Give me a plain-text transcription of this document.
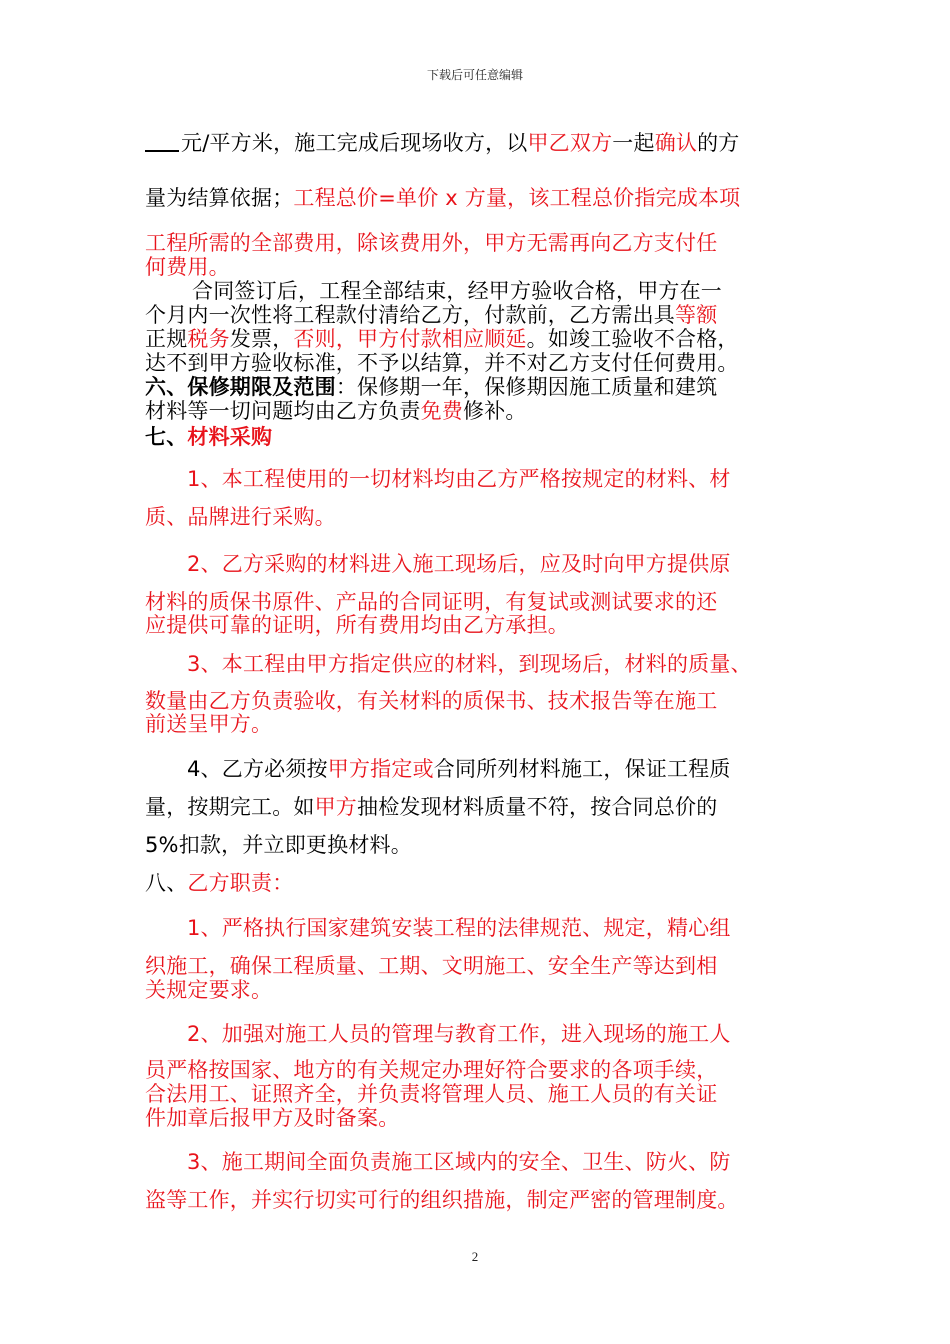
下载后可任意编辑
元/平方米，施工完成后现场收方，以甲乙双方一起确认的方
量为结算依据；工程总价=单价 x 方量，该工程总价指完成本项
工程所需的全部费用，除该费用外，甲方无需再向乙方支付任
何费用。
合同签订后，工程全部结束，经甲方验收合格，甲方在一
个月内一次性将工程款付清给乙方，付款前，乙方需出具等额
正规税务发票，否则，甲方付款相应顺延。如竣工验收不合格，
达不到甲方验收标准，不予以结算，并不对乙方支付任何费用。
六、保修期限及范围：保修期一年，保修期因施工质量和建筑
材料等一切问题均由乙方负责免费修补。
七、材料采购
1、本工程使用的一切材料均由乙方严格按规定的材料、材
质、品牌进行采购。
2、乙方采购的材料进入施工现场后，应及时向甲方提供原
材料的质保书原件、产品的合同证明，有复试或测试要求的还
应提供可靠的证明，所有费用均由乙方承担。
3、本工程由甲方指定供应的材料，到现场后，材料的质量、
数量由乙方负责验收，有关材料的质保书、技术报告等在施工
前送呈甲方。
4、乙方必须按甲方指定或合同所列材料施工，保证工程质
量，按期完工。如甲方抽检发现材料质量不符，按合同总价的
5%扣款，并立即更换材料。
八、乙方职责：
1、严格执行国家建筑安装工程的法律规范、规定，精心组
织施工，确保工程质量、工期、文明施工、安全生产等达到相
关规定要求。
2、加强对施工人员的管理与教育工作，进入现场的施工人
员严格按国家、地方的有关规定办理好符合要求的各项手续，
合法用工、证照齐全，并负责将管理人员、施工人员的有关证
件加章后报甲方及时备案。
3、施工期间全面负责施工区域内的安全、卫生、防火、防
盗等工作，并实行切实可行的组织措施，制定严密的管理制度。
2
